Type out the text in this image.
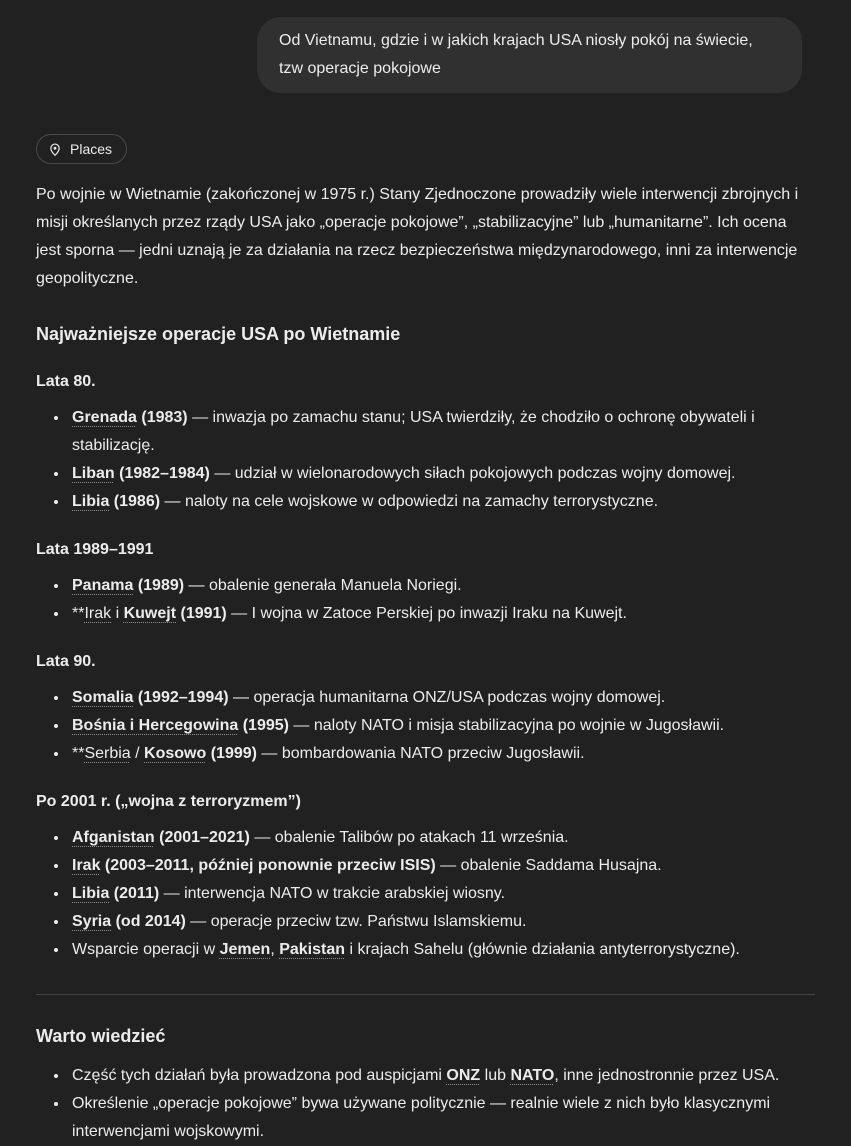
Od Vietnamu, gdzie i w jakich krajach USA niosły pokój na świecie, tzw operacje pokojowe
Places

Po wojnie w Wietnamie (zakończonej w 1975 r.) Stany Zjednoczone prowadziły wiele interwencji zbrojnych i misji określanych przez rządy USA jako „operacje pokojowe”, „stabilizacyjne” lub „humanitarne”. Ich ocena jest sporna — jedni uznają je za działania na rzecz bezpieczeństwa międzynarodowego, inni za interwencje geopolityczne.

Najważniejsze operacje USA po Wietnamie
Lata 80.
• Grenada (1983) — inwazja po zamachu stanu; USA twierdziły, że chodziło o ochronę obywateli i stabilizację.
• Liban (1982–1984) — udział w wielonarodowych siłach pokojowych podczas wojny domowej.
• Libia (1986) — naloty na cele wojskowe w odpowiedzi na zamachy terrorystyczne.
Lata 1989–1991
• Panama (1989) — obalenie generała Manuela Noriegi.
• **Irak i Kuwejt (1991) — I wojna w Zatoce Perskiej po inwazji Iraku na Kuwejt.
Lata 90.
• Somalia (1992–1994) — operacja humanitarna ONZ/USA podczas wojny domowej.
• Bośnia i Hercegowina (1995) — naloty NATO i misja stabilizacyjna po wojnie w Jugosławii.
• **Serbia / Kosowo (1999) — bombardowania NATO przeciw Jugosławii.
Po 2001 r. („wojna z terroryzmem”)
• Afganistan (2001–2021) — obalenie Talibów po atakach 11 września.
• Irak (2003–2011, później ponownie przeciw ISIS) — obalenie Saddama Husajna.
• Libia (2011) — interwencja NATO w trakcie arabskiej wiosny.
• Syria (od 2014) — operacje przeciw tzw. Państwu Islamskiemu.
• Wsparcie operacji w Jemen, Pakistan i krajach Sahelu (głównie działania antyterrorystyczne).
Warto wiedzieć
• Część tych działań była prowadzona pod auspicjami ONZ lub NATO, inne jednostronnie przez USA.
• Określenie „operacje pokojowe” bywa używane politycznie — realnie wiele z nich było klasycznymi interwencjami wojskowymi.
